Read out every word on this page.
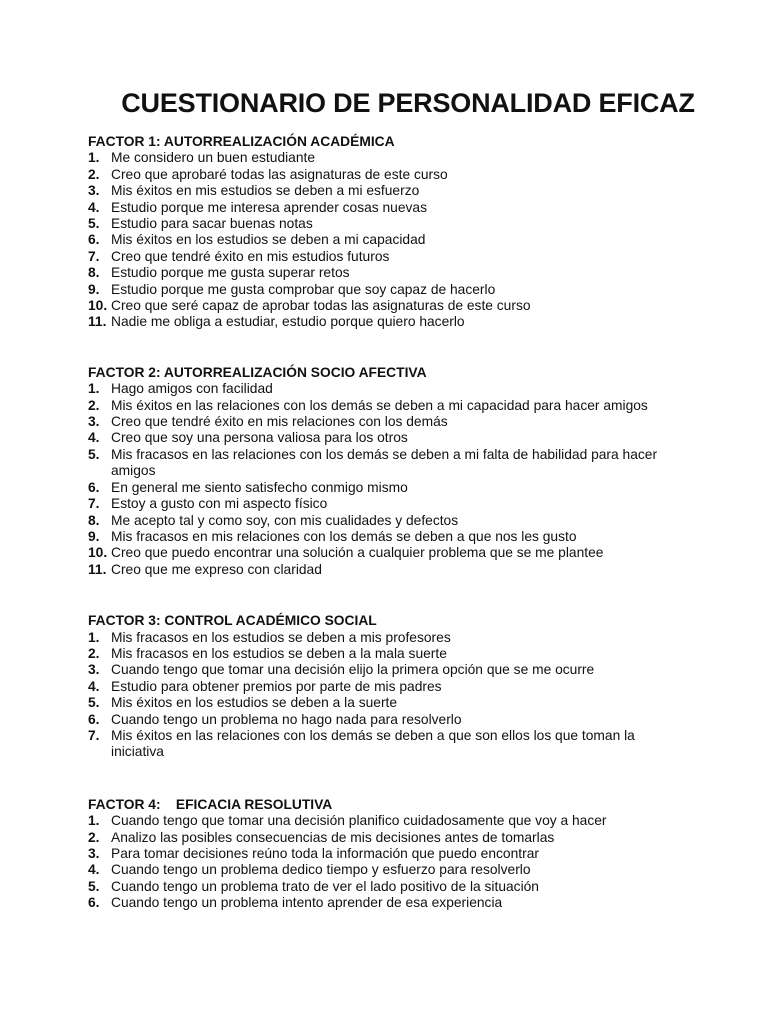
CUESTIONARIO DE PERSONALIDAD EFICAZ
FACTOR 1: AUTORREALIZACIÓN ACADÉMICA
1. Me considero un buen estudiante
2. Creo que aprobaré todas las asignaturas de este curso
3. Mis éxitos en mis estudios se deben a mi esfuerzo
4. Estudio porque me interesa aprender cosas nuevas
5. Estudio para sacar buenas notas
6. Mis éxitos en los estudios se deben a mi capacidad
7. Creo que tendré éxito en mis estudios futuros
8. Estudio porque me gusta superar retos
9. Estudio porque me gusta comprobar que soy capaz de hacerlo
10. Creo que seré capaz de aprobar todas las asignaturas de este curso
11. Nadie me obliga a estudiar, estudio porque quiero hacerlo
FACTOR 2: AUTORREALIZACIÓN SOCIO AFECTIVA
1. Hago amigos con facilidad
2. Mis éxitos en las relaciones con los demás se deben a mi capacidad para hacer amigos
3. Creo que tendré éxito en mis relaciones con los demás
4. Creo que soy una persona valiosa para los otros
5. Mis fracasos en las relaciones con los demás se deben a mi falta de habilidad para hacer amigos
6. En general me siento satisfecho conmigo mismo
7. Estoy a gusto con mi aspecto físico
8. Me acepto tal y como soy, con mis cualidades y defectos
9. Mis fracasos en mis relaciones con los demás se deben a que nos les gusto
10. Creo que puedo encontrar una solución a cualquier problema que se me plantee
11. Creo que me expreso con claridad
FACTOR 3: CONTROL ACADÉMICO SOCIAL
1. Mis fracasos en los estudios se deben a mis profesores
2. Mis fracasos en los estudios se deben a la mala suerte
3. Cuando tengo que tomar una decisión elijo la primera opción que se me ocurre
4. Estudio para obtener premios por parte de mis padres
5. Mis éxitos en los estudios se deben a la suerte
6. Cuando tengo un problema no hago nada para resolverlo
7. Mis éxitos en las relaciones con los demás se deben a que son ellos los que toman la iniciativa
FACTOR 4:    EFICACIA RESOLUTIVA
1. Cuando tengo que tomar una decisión planifico cuidadosamente que voy a hacer
2. Analizo las posibles consecuencias de mis decisiones antes de tomarlas
3. Para tomar decisiones reúno toda la información que puedo encontrar
4. Cuando tengo un problema dedico tiempo y esfuerzo para resolverlo
5. Cuando tengo un problema trato de ver el lado positivo de la situación
6. Cuando tengo un problema intento aprender de esa experiencia
